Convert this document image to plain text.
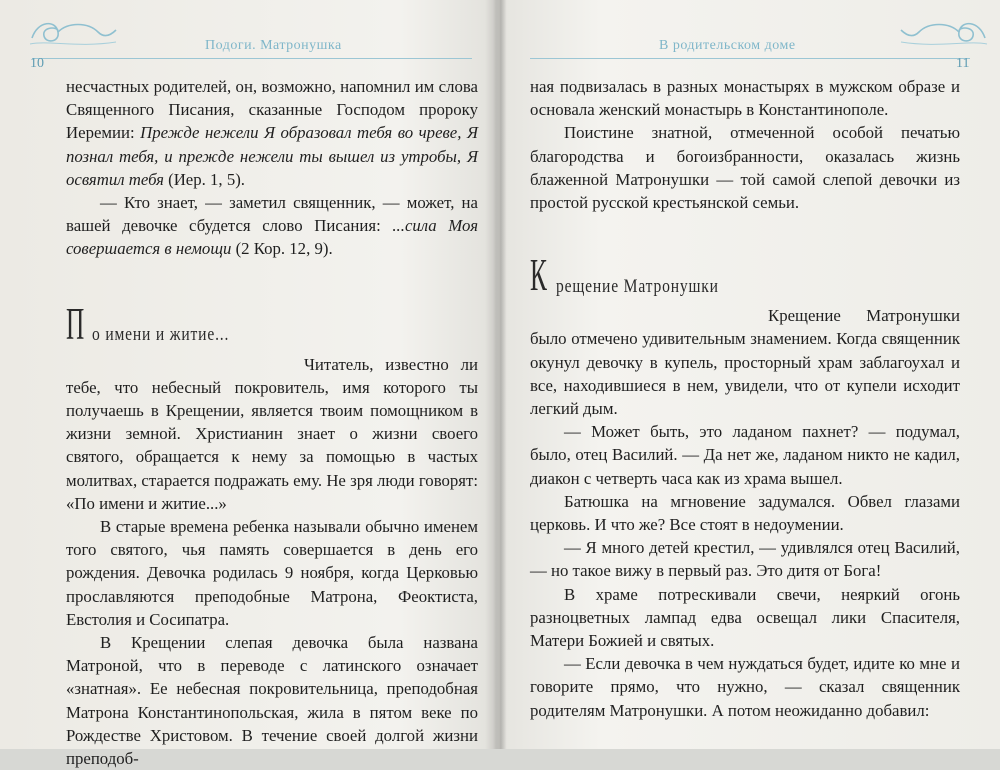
Подоги. Матронушка
10

несчастных родителей, он, возможно, напомнил им слова Священного Писания, сказанные Господом пророку Иеремии: Прежде нежели Я образовал тебя во чреве, Я познал тебя, и прежде нежели ты вышел из утробы, Я освятил тебя (Иер. 1, 5).

— Кто знает, — заметил священник, — может, на вашей девочке сбудется слово Писания: ...сила Моя совершается в немощи (2 Кор. 12, 9).

П о имени и житие...

Читатель, известно ли тебе, что небесный покровитель, имя которого ты получаешь в Крещении, является твоим помощником в жизни земной. Христианин знает о жизни своего святого, обращается к нему за помощью в частых молитвах, старается подражать ему. Не зря люди говорят: «По имени и житие...»

В старые времена ребенка называли обычно именем того святого, чья память совершается в день его рождения. Девочка родилась 9 ноября, когда Церковью прославляются преподобные Матрона, Феоктиста, Евстолия и Сосипатра.

В Крещении слепая девочка была названа Матроной, что в переводе с латинского означает «знатная». Ее небесная покровительница, преподобная Матрона Константинопольская, жила в пятом веке по Рождестве Христовом. В течение своей долгой жизни преподоб-

В родительском доме
11

ная подвизалась в разных монастырях в мужском образе и основала женский монастырь в Константинополе.

Поистине знатной, отмеченной особой печатью благородства и богоизбранности, оказалась жизнь блаженной Матронушки — той самой слепой девочки из простой русской крестьянской семьи.

К рещение Матронушки

Крещение Матронушки было отмечено удивительным знамением. Когда священник окунул девочку в купель, просторный храм заблагоухал и все, находившиеся в нем, увидели, что от купели исходит легкий дым.

— Может быть, это ладаном пахнет? — подумал, было, отец Василий. — Да нет же, ладаном никто не кадил, диакон с четверть часа как из храма вышел.

Батюшка на мгновение задумался. Обвел глазами церковь. И что же? Все стоят в недоумении.

— Я много детей крестил, — удивлялся отец Василий, — но такое вижу в первый раз. Это дитя от Бога!

В храме потрескивали свечи, неяркий огонь разноцветных лампад едва освещал лики Спасителя, Матери Божией и святых.

— Если девочка в чем нуждаться будет, идите ко мне и говорите прямо, что нужно, — сказал священник родителям Матронушки. А потом неожиданно добавил:
